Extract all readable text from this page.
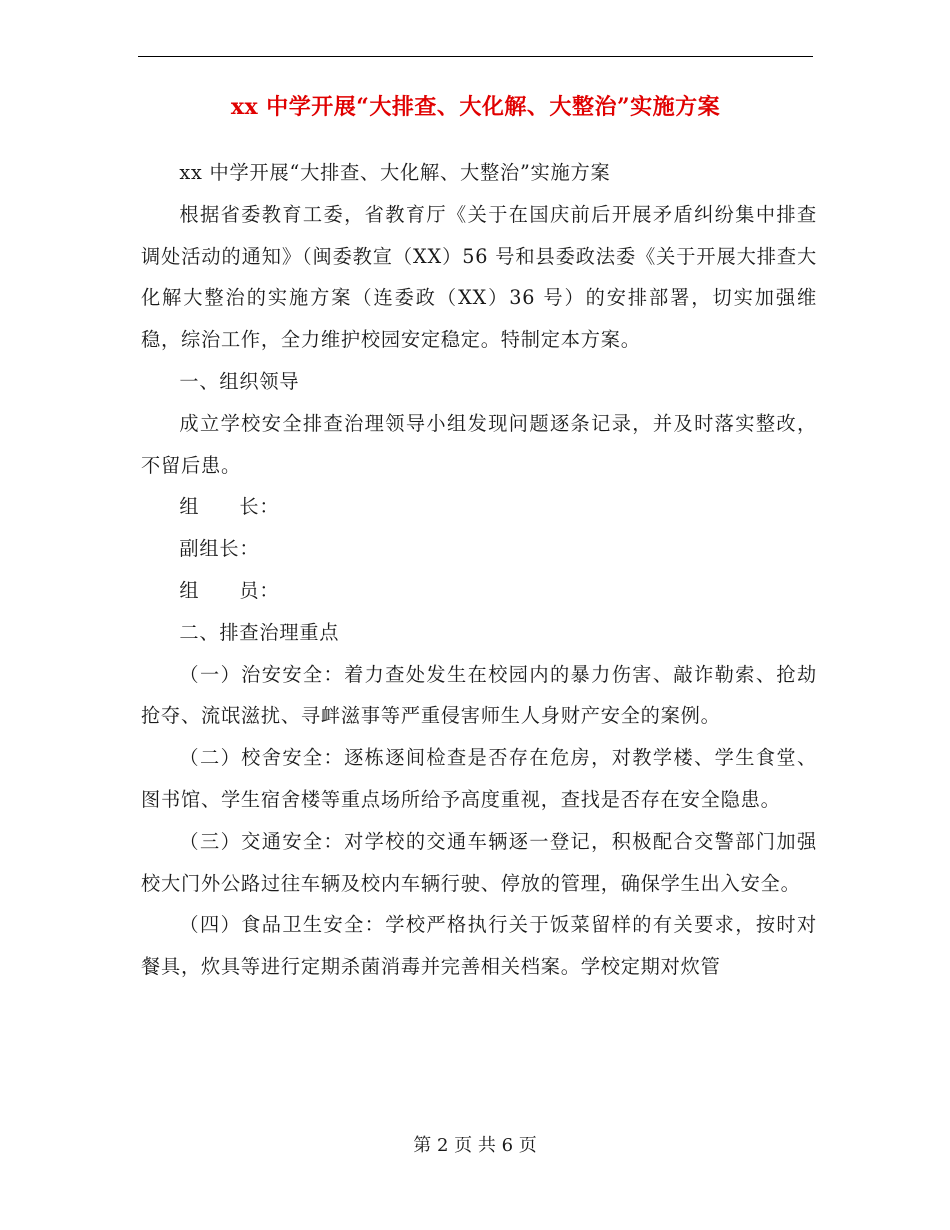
xx 中学开展“大排查、大化解、大整治”实施方案

xx 中学开展“大排查、大化解、大整治”实施方案

根据省委教育工委，省教育厅《关于在国庆前后开展矛盾纠纷集中排查调处活动的通知》（闽委教宣（XX）56 号和县委政法委《关于开展大排查大化解大整治的实施方案（连委政（XX）36 号）的安排部署，切实加强维稳，综治工作，全力维护校园安定稳定。特制定本方案。

一、组织领导

成立学校安全排查治理领导小组发现问题逐条记录，并及时落实整改，不留后患。

组　　长：

副组长：

组　　员：

二、排查治理重点

（一）治安安全：着力查处发生在校园内的暴力伤害、敲诈勒索、抢劫抢夺、流氓滋扰、寻衅滋事等严重侵害师生人身财产安全的案例。

（二）校舍安全：逐栋逐间检查是否存在危房，对教学楼、学生食堂、图书馆、学生宿舍楼等重点场所给予高度重视，查找是否存在安全隐患。

（三）交通安全：对学校的交通车辆逐一登记，积极配合交警部门加强校大门外公路过往车辆及校内车辆行驶、停放的管理，确保学生出入安全。

（四）食品卫生安全：学校严格执行关于饭菜留样的有关要求，按时对餐具，炊具等进行定期杀菌消毒并完善相关档案。学校定期对炊管

第 2 页 共 6 页
